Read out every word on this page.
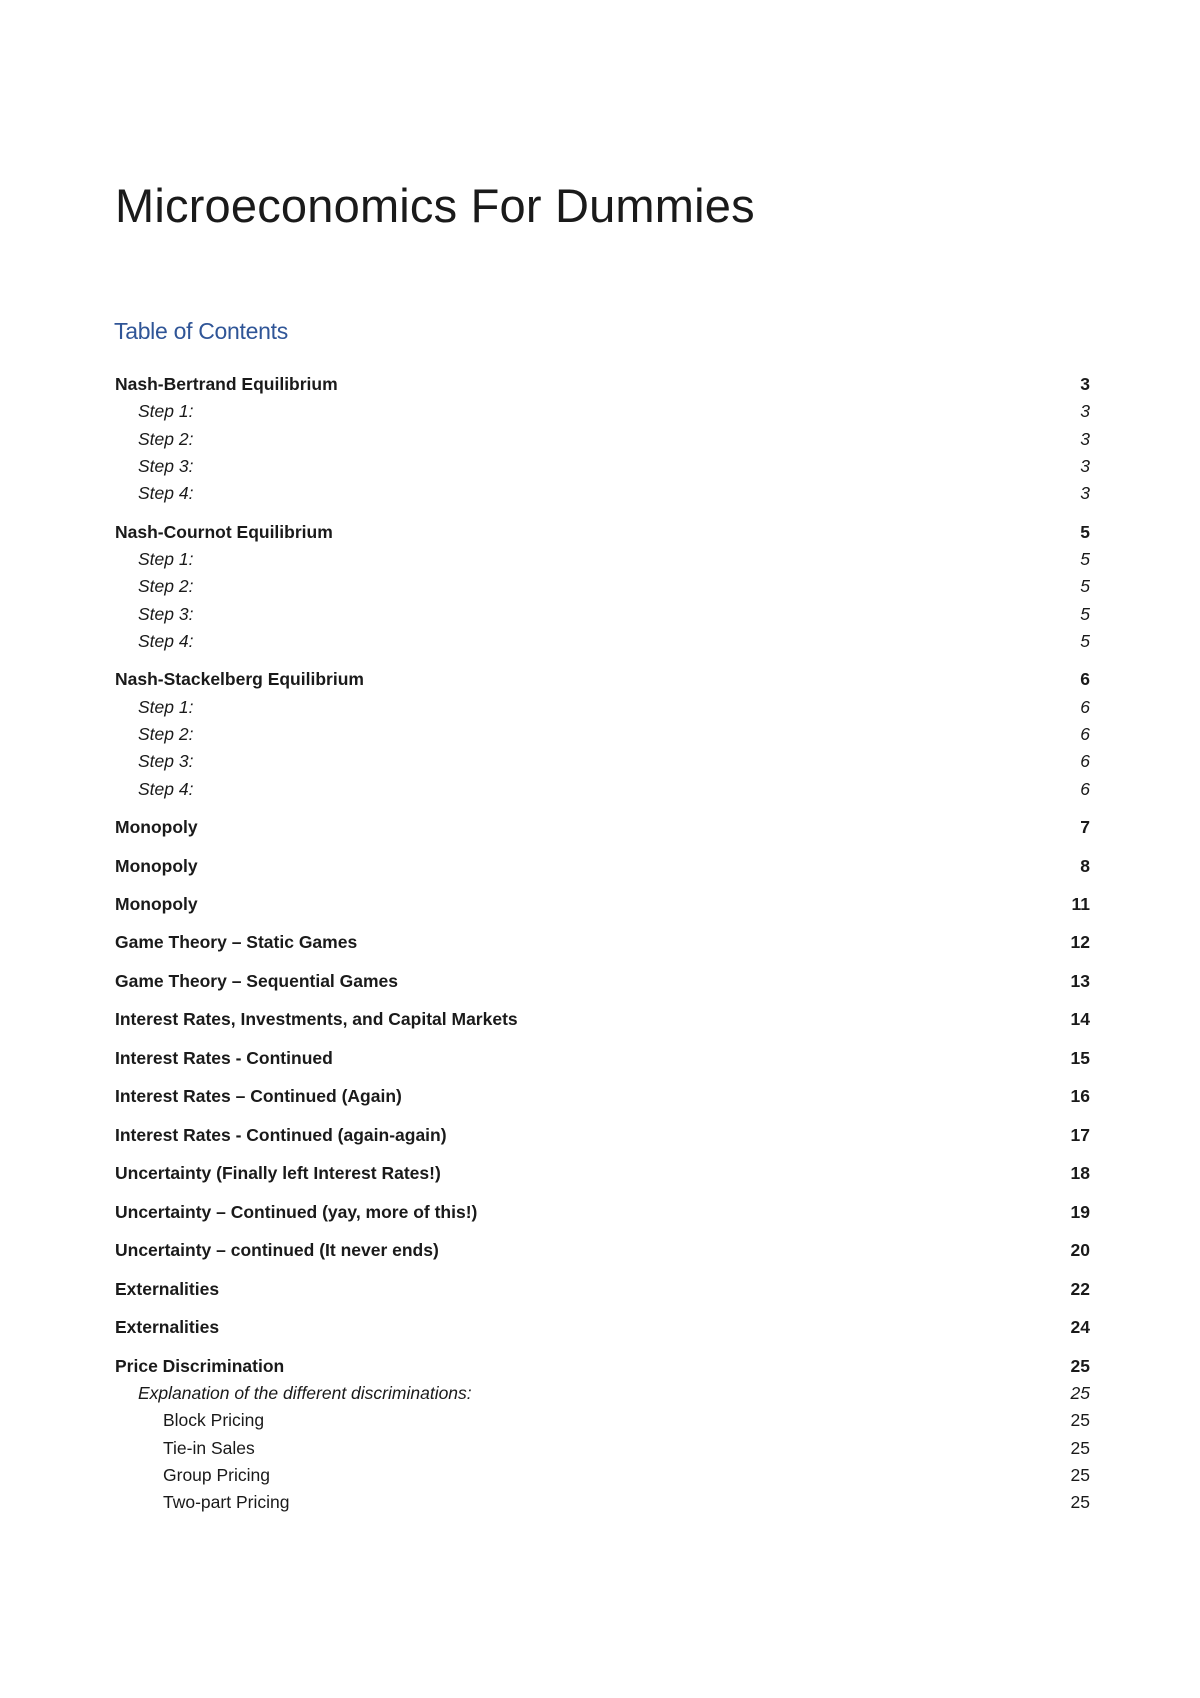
Microeconomics For Dummies
Table of Contents
Nash-Bertrand Equilibrium	3
Step 1:	3
Step 2:	3
Step 3:	3
Step 4:	3
Nash-Cournot Equilibrium	5
Step 1:	5
Step 2:	5
Step 3:	5
Step 4:	5
Nash-Stackelberg Equilibrium	6
Step 1:	6
Step 2:	6
Step 3:	6
Step 4:	6
Monopoly	7
Monopoly	8
Monopoly	11
Game Theory – Static Games	12
Game Theory – Sequential Games	13
Interest Rates, Investments, and Capital Markets	14
Interest Rates - Continued	15
Interest Rates – Continued (Again)	16
Interest Rates - Continued (again-again)	17
Uncertainty (Finally left Interest Rates!)	18
Uncertainty – Continued (yay, more of this!)	19
Uncertainty – continued (It never ends)	20
Externalities	22
Externalities	24
Price Discrimination	25
Explanation of the different discriminations:	25
Block Pricing	25
Tie-in Sales	25
Group Pricing	25
Two-part Pricing	25
